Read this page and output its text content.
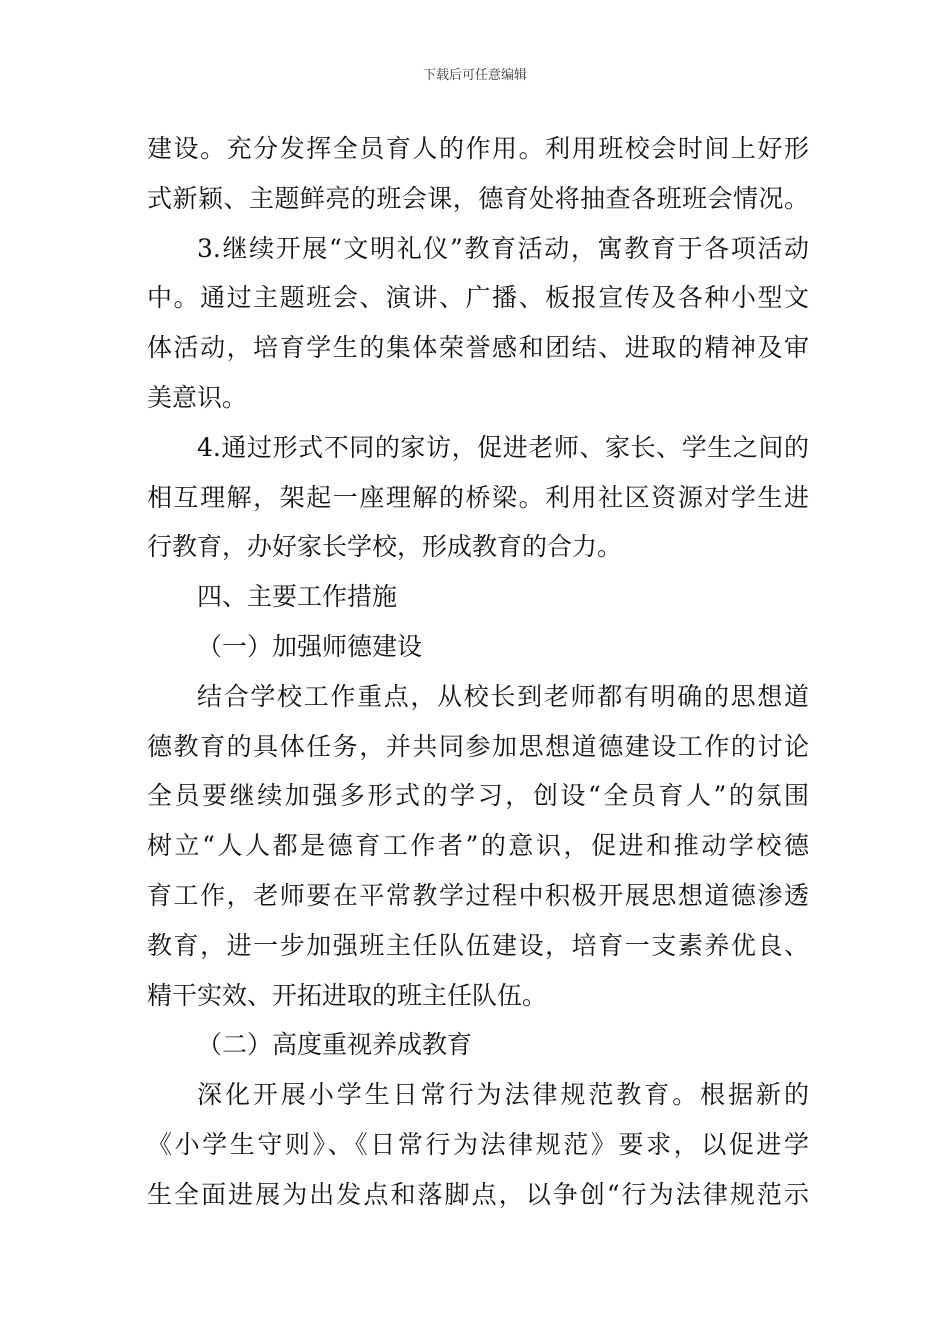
下载后可任意编辑
建设。充分发挥全员育人的作用。利用班校会时间上好形
式新颖、主题鲜亮的班会课，德育处将抽查各班班会情况。
3.继续开展“文明礼仪”教育活动，寓教育于各项活动
中。通过主题班会、演讲、广播、板报宣传及各种小型文
体活动，培育学生的集体荣誉感和团结、进取的精神及审
美意识。
4.通过形式不同的家访，促进老师、家长、学生之间的
相互理解，架起一座理解的桥梁。利用社区资源对学生进
行教育，办好家长学校，形成教育的合力。
四、主要工作措施
（一）加强师德建设
结合学校工作重点，从校长到老师都有明确的思想道
德教育的具体任务，并共同参加思想道德建设工作的讨论
全员要继续加强多形式的学习，创设“全员育人”的氛围
树立“人人都是德育工作者”的意识，促进和推动学校德
育工作，老师要在平常教学过程中积极开展思想道德渗透
教育，进一步加强班主任队伍建设，培育一支素养优良、
精干实效、开拓进取的班主任队伍。
（二）高度重视养成教育
深化开展小学生日常行为法律规范教育。根据新的
《小学生守则》、《日常行为法律规范》要求，以促进学
生全面进展为出发点和落脚点，以争创“行为法律规范示
